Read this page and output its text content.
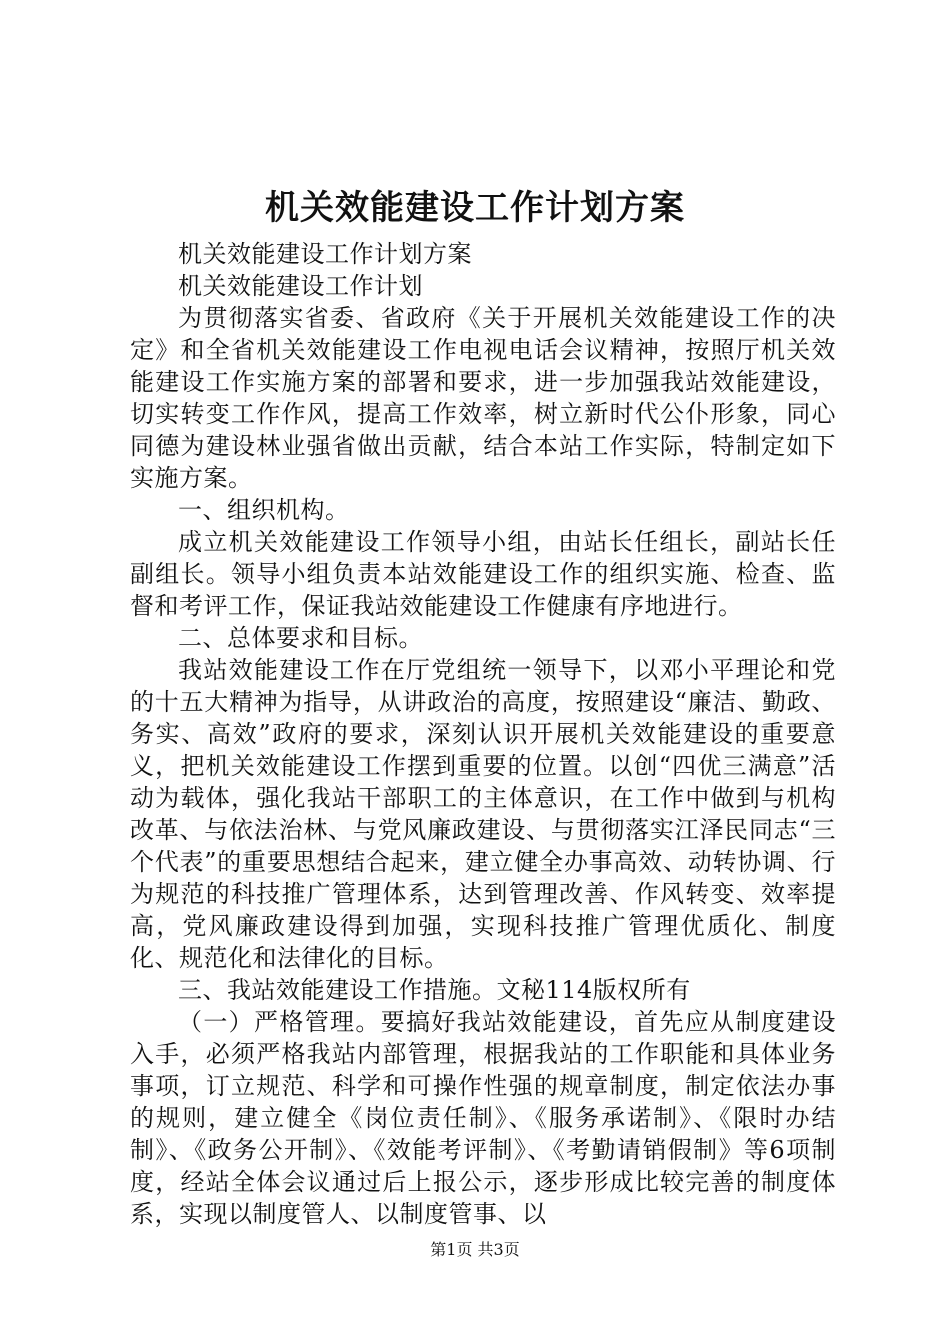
机关效能建设工作计划方案

机关效能建设工作计划方案

机关效能建设工作计划

为贯彻落实省委、省政府《关于开展机关效能建设工作的决定》和全省机关效能建设工作电视电话会议精神，按照厅机关效能建设工作实施方案的部署和要求，进一步加强我站效能建设，切实转变工作作风，提高工作效率，树立新时代公仆形象，同心同德为建设林业强省做出贡献，结合本站工作实际，特制定如下实施方案。

一、组织机构。

成立机关效能建设工作领导小组，由站长任组长，副站长任副组长。领导小组负责本站效能建设工作的组织实施、检查、监督和考评工作，保证我站效能建设工作健康有序地进行。

二、总体要求和目标。

我站效能建设工作在厅党组统一领导下，以邓小平理论和党的十五大精神为指导，从讲政治的高度，按照建设“廉洁、勤政、务实、高效”政府的要求，深刻认识开展机关效能建设的重要意义，把机关效能建设工作摆到重要的位置。以创“四优三满意”活动为载体，强化我站干部职工的主体意识，在工作中做到与机构改革、与依法治林、与党风廉政建设、与贯彻落实江泽民同志“三个代表”的重要思想结合起来，建立健全办事高效、动转协调、行为规范的科技推广管理体系，达到管理改善、作风转变、效率提高，党风廉政建设得到加强，实现科技推广管理优质化、制度化、规范化和法律化的目标。

三、我站效能建设工作措施。文秘114版权所有

（一）严格管理。要搞好我站效能建设，首先应从制度建设入手，必须严格我站内部管理，根据我站的工作职能和具体业务事项，订立规范、科学和可操作性强的规章制度，制定依法办事的规则，建立健全《岗位责任制》、《服务承诺制》、《限时办结制》、《政务公开制》、《效能考评制》、《考勤请销假制》等6项制度，经站全体会议通过后上报公示，逐步形成比较完善的制度体系，实现以制度管人、以制度管事、以

第1页 共3页
